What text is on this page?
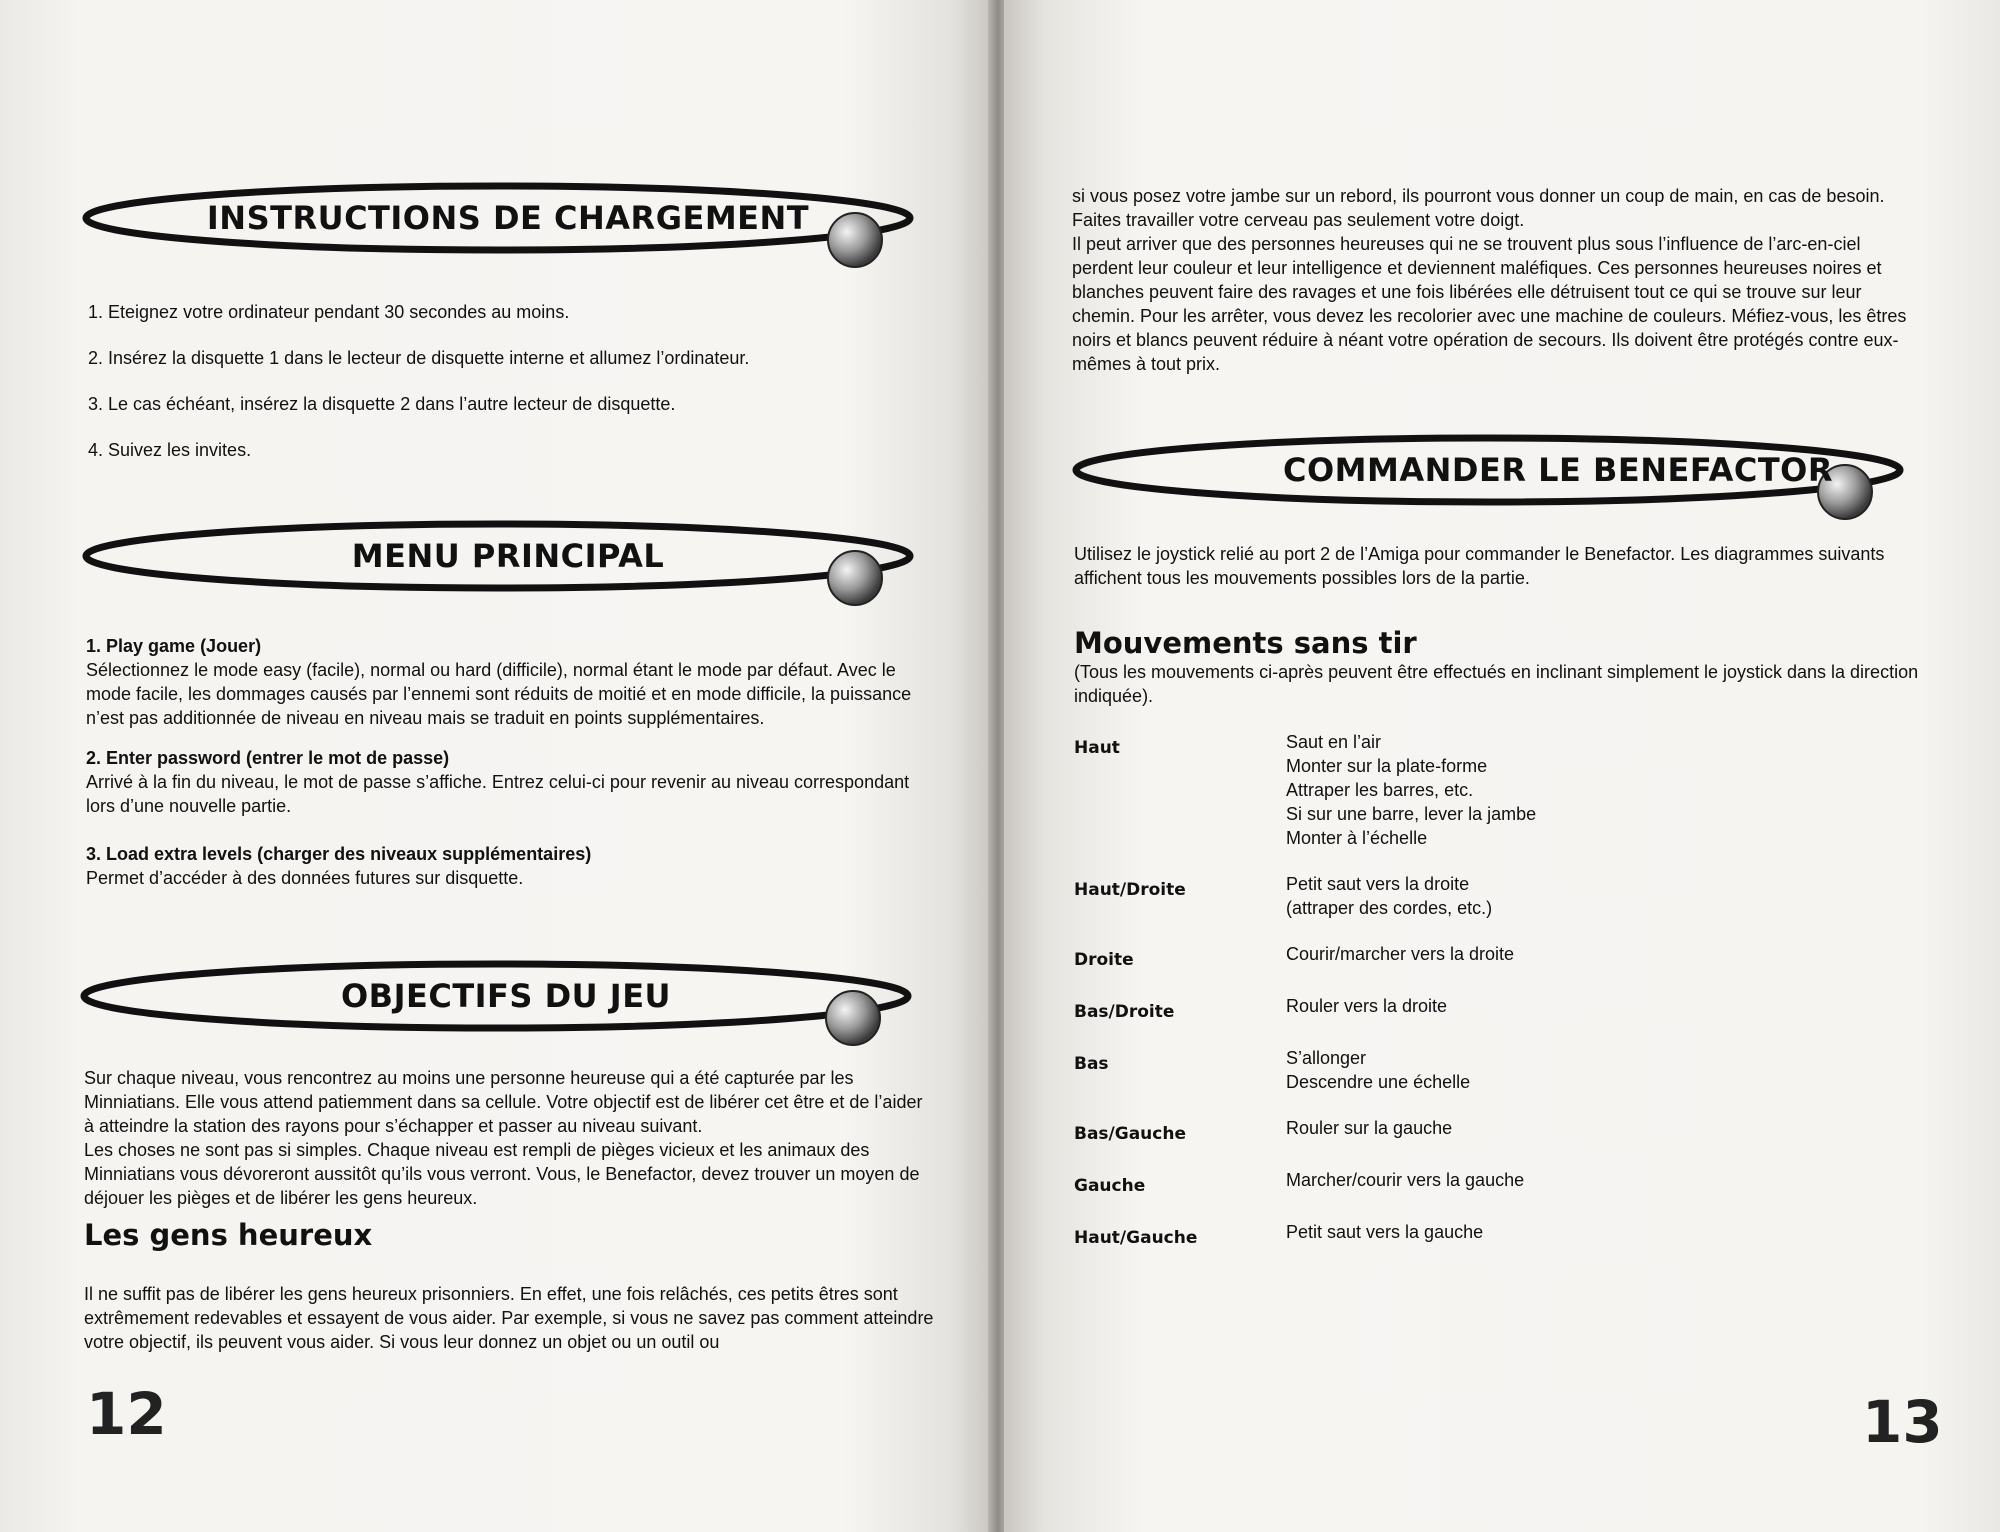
INSTRUCTIONS DE CHARGEMENT

1. Eteignez votre ordinateur pendant 30 secondes au moins.

2. Insérez la disquette 1 dans le lecteur de disquette interne et allumez l’ordinateur.

3. Le cas échéant, insérez la disquette 2 dans l’autre lecteur de disquette.

4. Suivez les invites.

MENU PRINCIPAL
1. Play game (Jouer)

Sélectionnez le mode easy (facile), normal ou hard (difficile), normal étant le mode par défaut. Avec le mode facile, les dommages causés par l’ennemi sont réduits de moitié et en mode difficile, la puissance n’est pas additionnée de niveau en niveau mais se traduit en points supplémentaires.

2. Enter password (entrer le mot de passe)

Arrivé à la fin du niveau, le mot de passe s’affiche. Entrez celui-ci pour revenir au niveau correspondant lors d’une nouvelle partie.

3. Load extra levels (charger des niveaux supplémentaires)

Permet d’accéder à des données futures sur disquette.

OBJECTIFS DU JEU

Sur chaque niveau, vous rencontrez au moins une personne heureuse qui a été capturée par les Minniatians. Elle vous attend patiemment dans sa cellule. Votre objectif est de libérer cet être et de l’aider à atteindre la station des rayons pour s’échapper et passer au niveau suivant.

Les choses ne sont pas si simples. Chaque niveau est rempli de pièges vicieux et les animaux des Minniatians vous dévoreront aussitôt qu’ils vous verront. Vous, le Benefactor, devez trouver un moyen de déjouer les pièges et de libérer les gens heureux.

Les gens heureux
Il ne suffit pas de libérer les gens heureux prisonniers. En effet, une fois relâchés, ces petits êtres sont extrêmement redevables et essayent de vous aider. Par exemple, si vous ne savez pas comment atteindre votre objectif, ils peuvent vous aider. Si vous leur donnez un objet ou un outil ou
12

si vous posez votre jambe sur un rebord, ils pourront vous donner un coup de main, en cas de besoin. Faites travailler votre cerveau pas seulement votre doigt.

Il peut arriver que des personnes heureuses qui ne se trouvent plus sous l’influence de l’arc-en-ciel perdent leur couleur et leur intelligence et deviennent maléfiques. Ces personnes heureuses noires et blanches peuvent faire des ravages et une fois libérées elle détruisent tout ce qui se trouve sur leur chemin. Pour les arrêter, vous devez les recolorier avec une machine de couleurs. Méfiez-vous, les êtres noirs et blancs peuvent réduire à néant votre opération de secours. Ils doivent être protégés contre eux-mêmes à tout prix.

COMMANDER LE BENEFACTOR
Utilisez le joystick relié au port 2 de l’Amiga pour commander le Benefactor. Les diagrammes suivants affichent tous les mouvements possibles lors de la partie.
Mouvements sans tir
(Tous les mouvements ci-après peuvent être effectués en inclinant simplement le joystick dans la direction indiquée).
Haut	Saut en l’air
Monter sur la plate-forme
Attraper les barres, etc.
Si sur une barre, lever la jambe
Monter à l’échelle
Haut/Droite	Petit saut vers la droite
(attraper des cordes, etc.)
Droite	Courir/marcher vers la droite
Bas/Droite	Rouler vers la droite
Bas	S’allonger
Descendre une échelle
Bas/Gauche	Rouler sur la gauche
Gauche	Marcher/courir vers la gauche
Haut/Gauche	Petit saut vers la gauche
13
